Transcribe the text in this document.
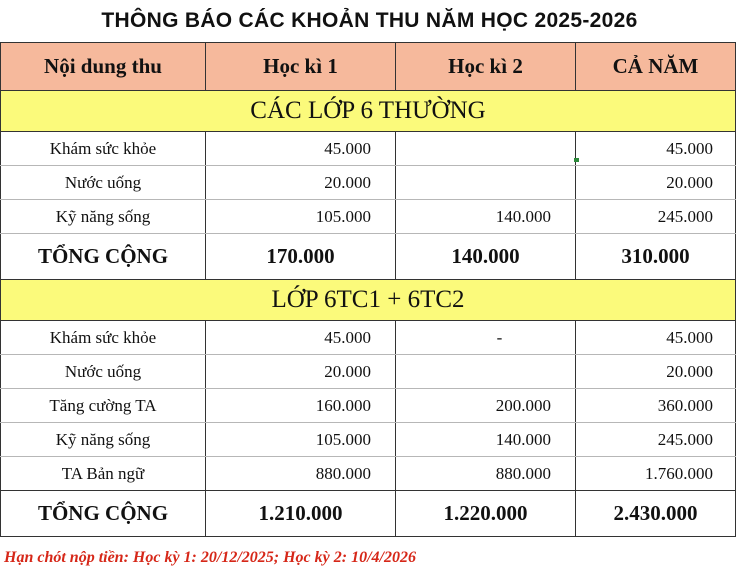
THÔNG BÁO CÁC KHOẢN THU NĂM HỌC 2025-2026
Nội dung thu	Học kì 1	Học kì 2	CẢ NĂM
CÁC LỚP 6 THƯỜNG			
Khám sức khỏe	45.000		45.000
Nước uống	20.000		20.000
Kỹ năng sống	105.000	140.000	245.000
TỔNG CỘNG	170.000	140.000	310.000
LỚP 6TC1 + 6TC2			
Khám sức khỏe	45.000	-	45.000
Nước uống	20.000		20.000
Tăng cường TA	160.000	200.000	360.000
Kỹ năng sống	105.000	140.000	245.000
TA Bản ngữ	880.000	880.000	1.760.000
TỔNG CỘNG	1.210.000	1.220.000	2.430.000
Hạn chót nộp tiền: Học kỳ 1: 20/12/2025; Học kỳ 2: 10/4/2026
